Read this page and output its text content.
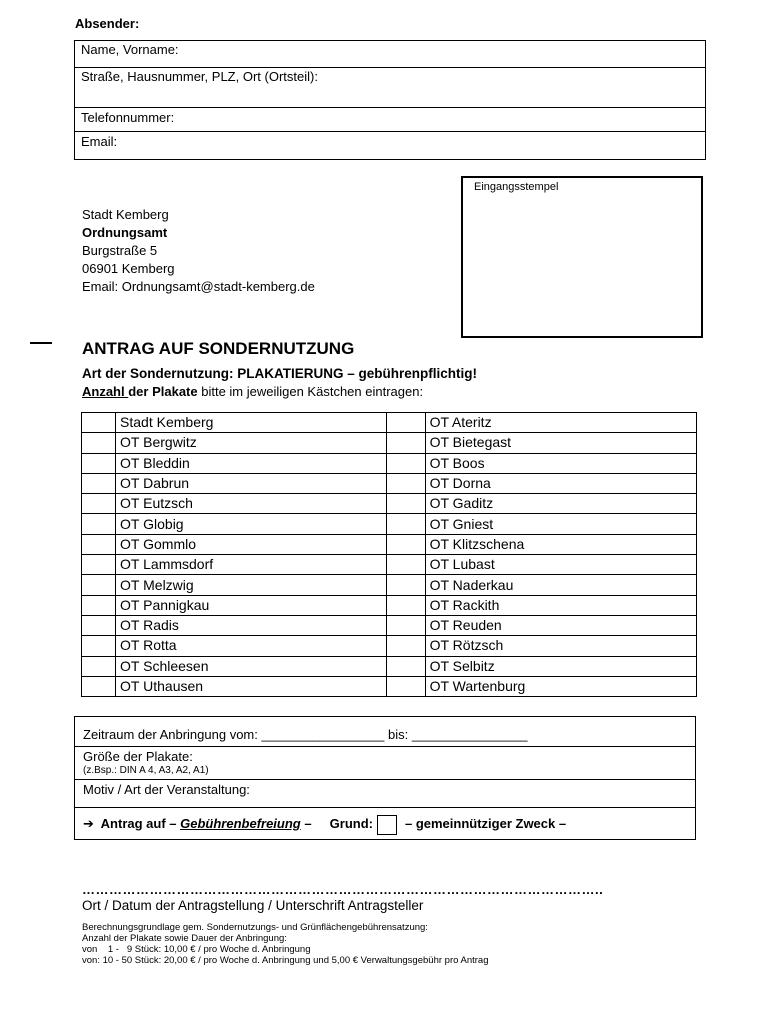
Absender:
Name, Vorname:
Straße, Hausnummer, PLZ, Ort (Ortsteil):
Telefonnummer:
Email:
Eingangsstempel
Stadt Kemberg
Ordnungsamt
Burgstraße 5
06901 Kemberg
Email: Ordnungsamt@stadt-kemberg.de
ANTRAG AUF SONDERNUTZUNG
Art der Sondernutzung: PLAKATIERUNG – gebührenpflichtig!
Anzahl der Plakate bitte im jeweiligen Kästchen eintragen:
	Stadt Kemberg		OT Ateritz
	OT Bergwitz		OT Bietegast
	OT Bleddin		OT Boos
	OT Dabrun		OT Dorna
	OT Eutzsch		OT Gaditz
	OT Globig		OT Gniest
	OT Gommlo		OT Klitzschena
	OT Lammsdorf		OT Lubast
	OT Melzwig		OT Naderkau
	OT Pannigkau		OT Rackith
	OT Radis		OT Reuden
	OT Rotta		OT Rötzsch
	OT Schleesen		OT Selbitz
	OT Uthausen		OT Wartenburg
Zeitraum der Anbringung vom: _________________ bis: ________________
Größe der Plakate:
(z.Bsp.: DIN A 4, A3, A2, A1)
Motiv / Art der Veranstaltung:
➔ Antrag auf – Gebührenbefreiung – Grund: – gemeinnütziger Zweck –
……………………………………………………………………………………………………..
Ort / Datum der Antragstellung / Unterschrift Antragsteller
Berechnungsgrundlage gem. Sondernutzungs- und Grünflächengebührensatzung:
Anzahl der Plakate sowie Dauer der Anbringung:
von    1 -   9 Stück: 10,00 € / pro Woche d. Anbringung
von: 10 - 50 Stück: 20,00 € / pro Woche d. Anbringung und 5,00 € Verwaltungsgebühr pro Antrag
